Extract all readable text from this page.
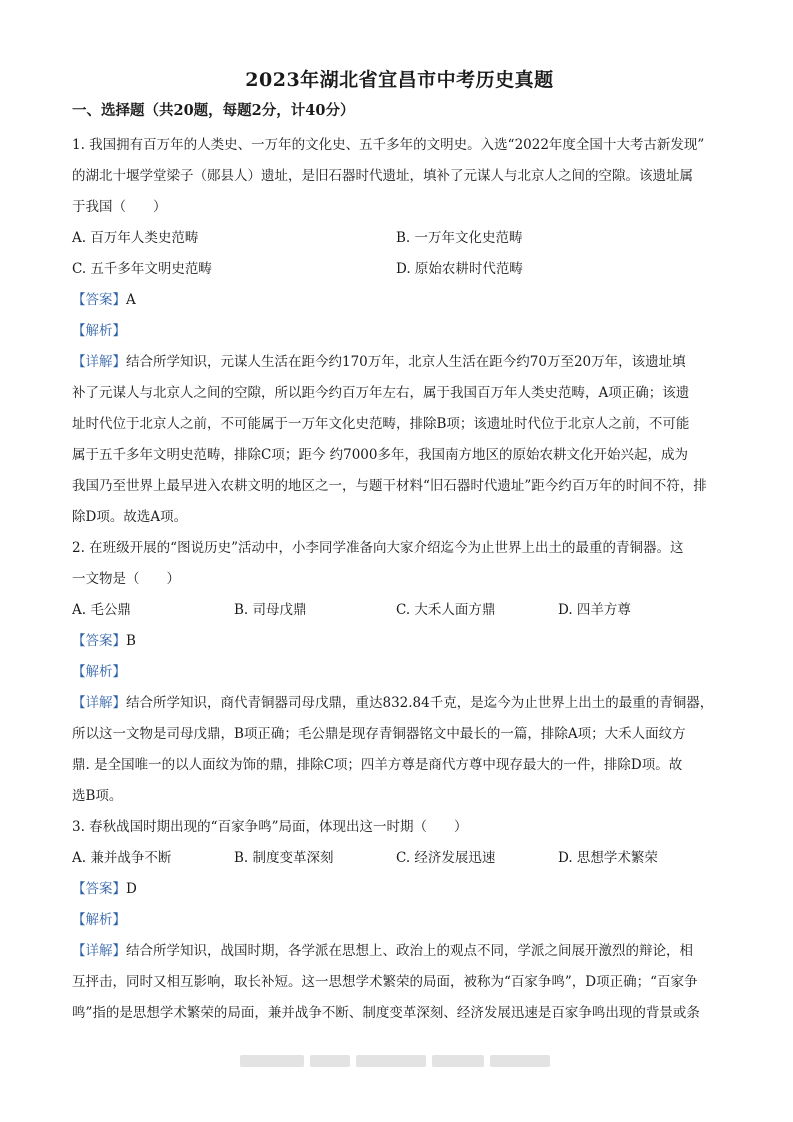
2023年湖北省宜昌市中考历史真题
一、选择题（共20题，每题2分，计40分）

1. 我国拥有百万年的人类史、一万年的文化史、五千多年的文明史。入选“2022年度全国十大考古新发现”

的湖北十堰学堂梁子（郧县人）遗址，是旧石器时代遗址，填补了元谋人与北京人之间的空隙。该遗址属

于我国（　　）

A. 百万年人类史范畴	B. 一万年文化史范畴
C. 五千多年文明史范畴	D. 原始农耕时代范畴

【答案】A

【解析】

【详解】结合所学知识，元谋人生活在距今约170万年，北京人生活在距今约70万至20万年，该遗址填

补了元谋人与北京人之间的空隙，所以距今约百万年左右，属于我国百万年人类史范畴，A项正确；该遗

址时代位于北京人之前，不可能属于一万年文化史范畴，排除B项；该遗址时代位于北京人之前，不可能

属于五千多年文明史范畴，排除C项；距今 约7000多年，我国南方地区的原始农耕文化开始兴起，成为

我国乃至世界上最早进入农耕文明的地区之一，与题干材料“旧石器时代遗址”距今约百万年的时间不符，排

除D项。故选A项。

2. 在班级开展的“图说历史”活动中，小李同学准备向大家介绍迄今为止世界上出土的最重的青铜器。这

一文物是（　　）

A. 毛公鼎	B. 司母戊鼎	C. 大禾人面方鼎	D. 四羊方尊

【答案】B

【解析】

【详解】结合所学知识，商代青铜器司母戊鼎，重达832.84千克，是迄今为止世界上出土的最重的青铜器，

所以这一文物是司母戊鼎，B项正确；毛公鼎是现存青铜器铭文中最长的一篇，排除A项；大禾人面纹方

鼎. 是全国唯一的以人面纹为饰的鼎，排除C项；四羊方尊是商代方尊中现存最大的一件，排除D项。故

选B项。

3. 春秋战国时期出现的“百家争鸣”局面，体现出这一时期（　　）

A. 兼并战争不断	B. 制度变革深刻	C. 经济发展迅速	D. 思想学术繁荣

【答案】D

【解析】

【详解】结合所学知识，战国时期，各学派在思想上、政治上的观点不同，学派之间展开激烈的辩论，相

互抨击，同时又相互影响，取长补短。这一思想学术繁荣的局面，被称为“百家争鸣”，D项正确；“百家争

鸣”指的是思想学术繁荣的局面，兼并战争不断、制度变革深刻、经济发展迅速是百家争鸣出现的背景或条
